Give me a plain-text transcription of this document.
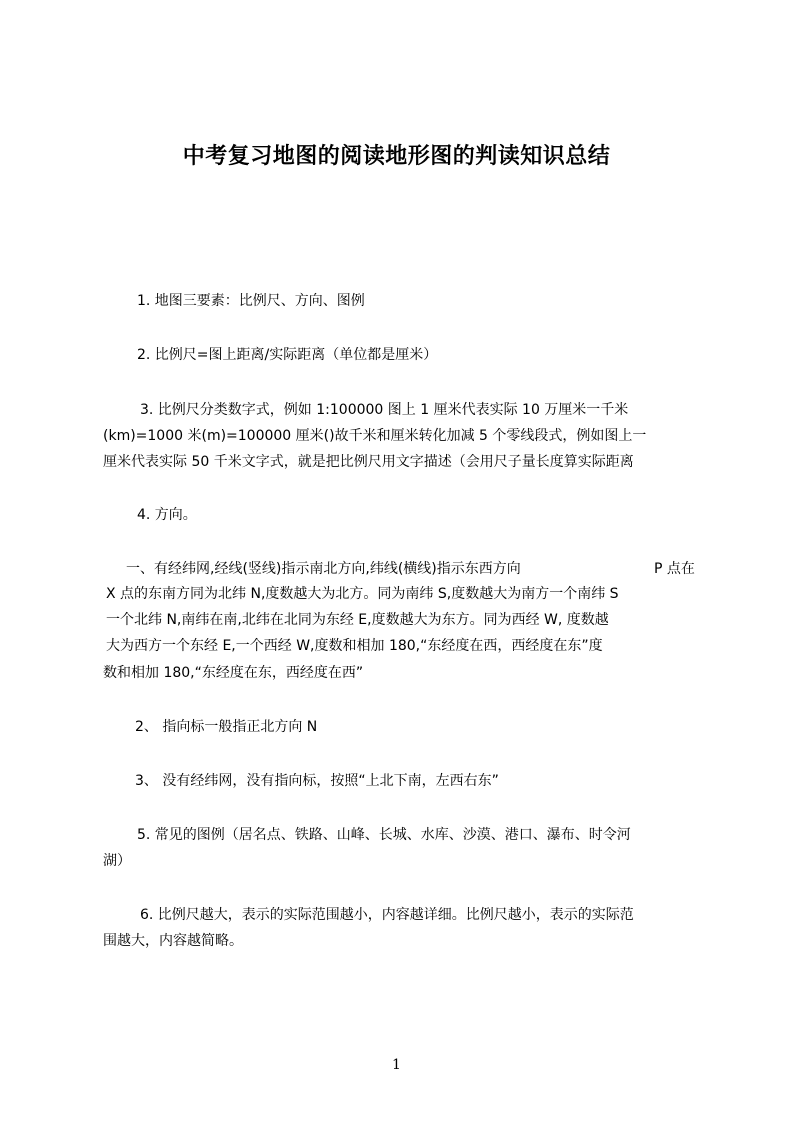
中考复习地图的阅读地形图的判读知识总结
1. 地图三要素：比例尺、方向、图例
2. 比例尺=图上距离/实际距离（单位都是厘米）
3. 比例尺分类数字式，例如 1:100000 图上 1 厘米代表实际 10 万厘米一千米
(km)=1000 米(m)=100000 厘米()故千米和厘米转化加减 5 个零线段式，例如图上一
厘米代表实际 50 千米文字式，就是把比例尺用文字描述（会用尺子量长度算实际距离
4. 方向。
一、有经纬网,经线(竖线)指示南北方向,纬线(横线)指示东西方向	P 点在
X 点的东南方同为北纬 N,度数越大为北方。同为南纬 S,度数越大为南方一个南纬 S
一个北纬 N,南纬在南,北纬在北同为东经 E,度数越大为东方。同为西经 W, 度数越
大为西方一个东经 E,一个西经 W,度数和相加 180,“东经度在西，西经度在东”度
数和相加 180,“东经度在东，西经度在西”
2、 指向标一般指正北方向 N
3、 没有经纬网，没有指向标，按照“上北下南，左西右东”
5. 常见的图例（居名点、铁路、山峰、长城、水库、沙漠、港口、瀑布、时令河
湖）
6. 比例尺越大，表示的实际范围越小，内容越详细。比例尺越小，表示的实际范
围越大，内容越简略。
1
